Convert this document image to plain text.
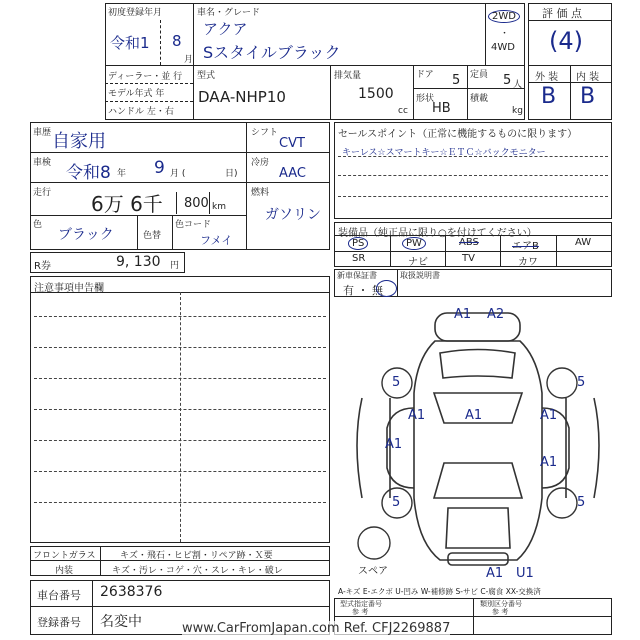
初度登録年月
令和1 8
月
車名・グレード
アクア
Sスタイルブラック
2WD
・
4WD
ディーラー・並 行
モデル年式 年
ハンドル 左・右
型式
DAA-NHP10
排気量
1500
cc
ドア 5 定員 5 人
形状
HB
積載
kg
評 価 点
(4)
外 装 内 装
B B
車歴 自家用
車検 令和8 年 9 月 (	日)
走行 6万 6千 800 km
色
ブラック	色替
色コード
フメイ
シフト
CVT
冷房
AAC
燃料
ガソリン
R券	9, 130 円
セールスポイント（正常に機能するものに限ります）
キーレス☆スマートキー☆ＥＴＣ☆バックモニター
装備品（純正品に限り○を付けてください）
PS	PW	ABS	エアB	AW
SR	ナビ	TV	カワ
新車保証書
有 ・ 無
取扱説明書
注意事項申告欄
A1 A2
5	5
A1	A1
A1
A1
A1
5	5
A1 U1
スペア
A-キズ E-エクボ U-凹み W-補修跡 S-サビ C-腐食 XX-交換済
フロントガラス	キズ・飛石・ヒビ割・リペア跡・Ｘ要
内装	キズ・汚レ・コゲ・穴・スレ・キレ・破レ
車台番号 2638376
登録番号 名変中
型式指定番号
参 考
類別区分番号
参 考
www.CarFromJapan.com Ref. CFJ2269887
